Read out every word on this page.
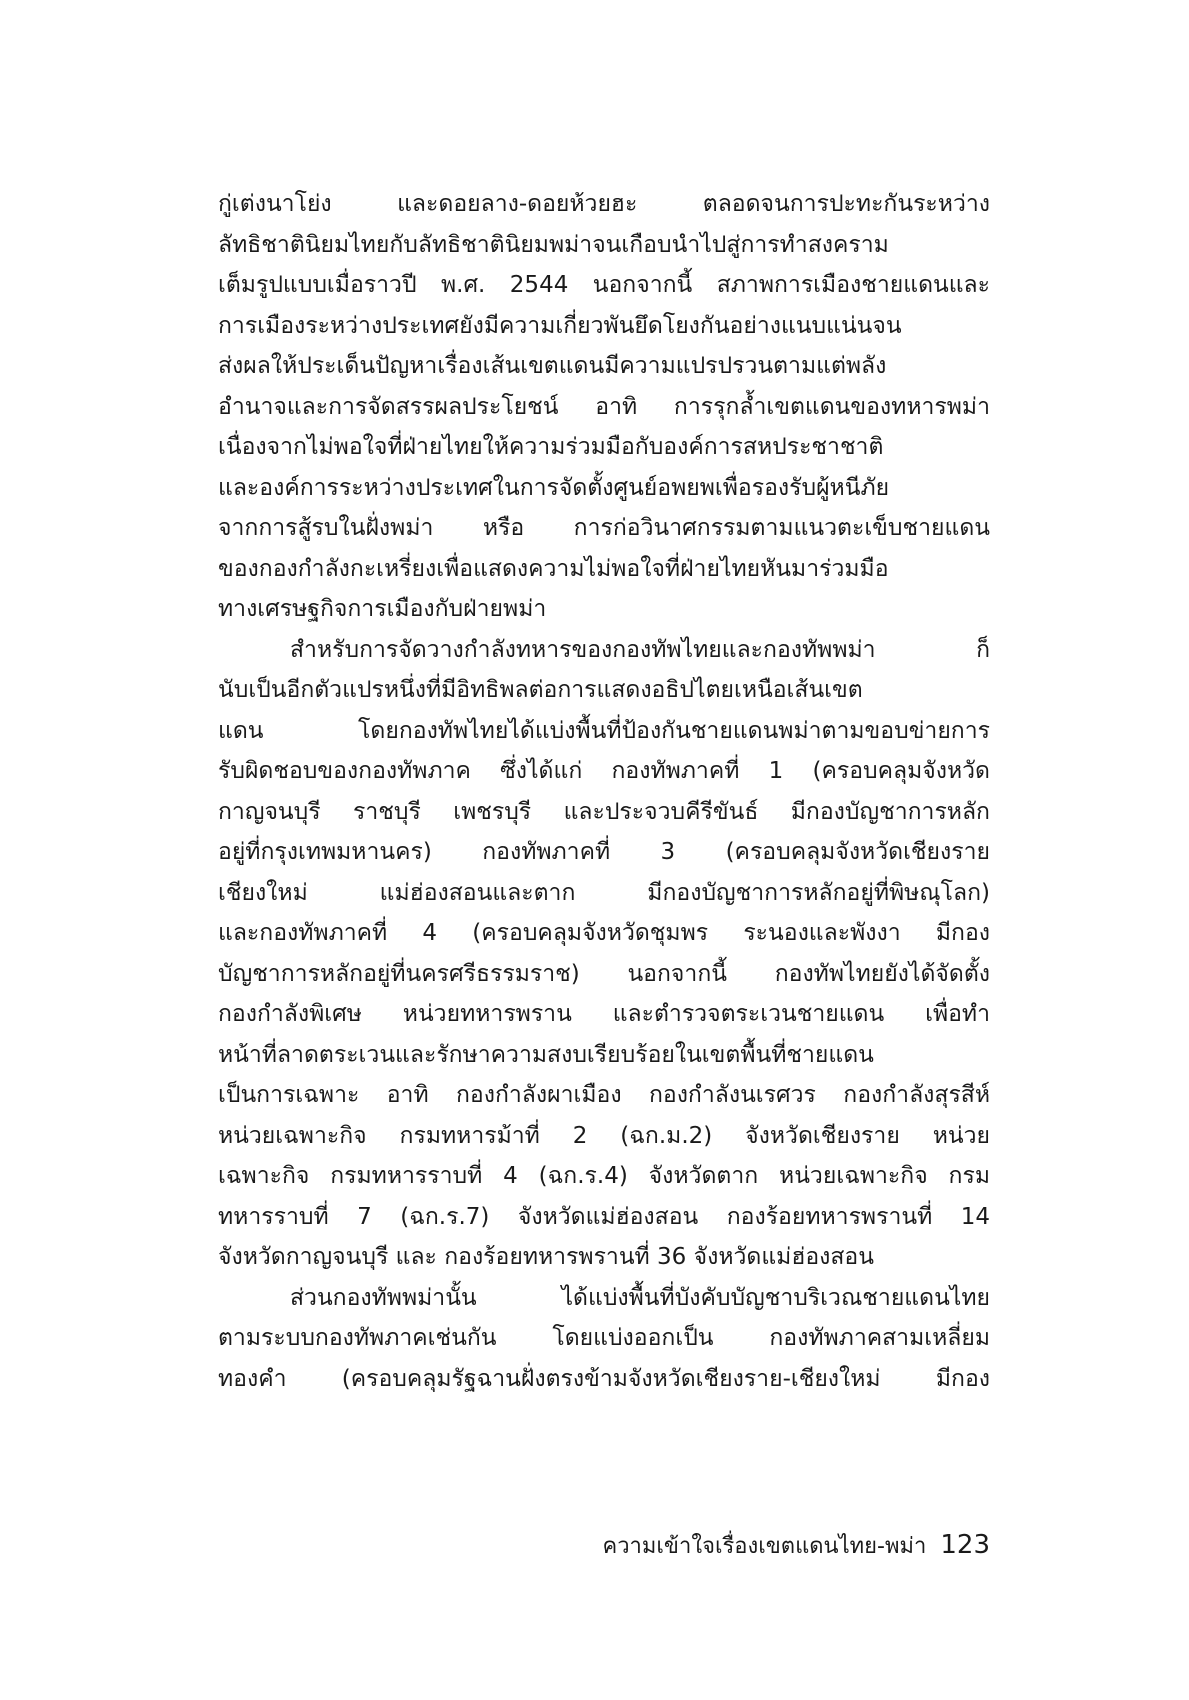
กู่เต่งนาโย่ง และดอยลาง-ดอยห้วยฮะ ตลอดจนการปะทะกันระหว่าง
ลัทธิชาตินิยมไทยกับลัทธิชาตินิยมพม่าจนเกือบนำไปสู่การทำสงคราม
เต็มรูปแบบเมื่อราวปี พ.ศ. 2544 นอกจากนี้ สภาพการเมืองชายแดนและ
การเมืองระหว่างประเทศยังมีความเกี่ยวพันยึดโยงกันอย่างแนบแน่นจน
ส่งผลให้ประเด็นปัญหาเรื่องเส้นเขตแดนมีความแปรปรวนตามแต่พลัง
อำนาจและการจัดสรรผลประโยชน์ อาทิ การรุกล้ำเขตแดนของทหารพม่า
เนื่องจากไม่พอใจที่ฝ่ายไทยให้ความร่วมมือกับองค์การสหประชาชาติ
และองค์การระหว่างประเทศในการจัดตั้งศูนย์อพยพเพื่อรองรับผู้หนีภัย
จากการสู้รบในฝั่งพม่า หรือ การก่อวินาศกรรมตามแนวตะเข็บชายแดน
ของกองกำลังกะเหรี่ยงเพื่อแสดงความไม่พอใจที่ฝ่ายไทยหันมาร่วมมือ
ทางเศรษฐกิจการเมืองกับฝ่ายพม่า
สำหรับการจัดวางกำลังทหารของกองทัพไทยและกองทัพพม่า ก็
นับเป็นอีกตัวแปรหนึ่งที่มีอิทธิพลต่อการแสดงอธิปไตยเหนือเส้นเขต
แดน โดยกองทัพไทยได้แบ่งพื้นที่ป้องกันชายแดนพม่าตามขอบข่ายการ
รับผิดชอบของกองทัพภาค ซึ่งได้แก่ กองทัพภาคที่ 1 (ครอบคลุมจังหวัด
กาญจนบุรี ราชบุรี เพชรบุรี และประจวบคีรีขันธ์ มีกองบัญชาการหลัก
อยู่ที่กรุงเทพมหานคร) กองทัพภาคที่ 3 (ครอบคลุมจังหวัดเชียงราย
เชียงใหม่ แม่ฮ่องสอนและตาก มีกองบัญชาการหลักอยู่ที่พิษณุโลก)
และกองทัพภาคที่ 4 (ครอบคลุมจังหวัดชุมพร ระนองและพังงา มีกอง
บัญชาการหลักอยู่ที่นครศรีธรรมราช) นอกจากนี้ กองทัพไทยยังได้จัดตั้ง
กองกำลังพิเศษ หน่วยทหารพราน และตำรวจตระเวนชายแดน เพื่อทำ
หน้าที่ลาดตระเวนและรักษาความสงบเรียบร้อยในเขตพื้นที่ชายแดน
เป็นการเฉพาะ อาทิ กองกำลังผาเมือง กองกำลังนเรศวร กองกำลังสุรสีห์
หน่วยเฉพาะกิจ กรมทหารม้าที่ 2 (ฉก.ม.2) จังหวัดเชียงราย หน่วย
เฉพาะกิจ กรมทหารราบที่ 4 (ฉก.ร.4) จังหวัดตาก หน่วยเฉพาะกิจ กรม
ทหารราบที่ 7 (ฉก.ร.7) จังหวัดแม่ฮ่องสอน กองร้อยทหารพรานที่ 14
จังหวัดกาญจนบุรี และ กองร้อยทหารพรานที่ 36 จังหวัดแม่ฮ่องสอน
ส่วนกองทัพพม่านั้น ได้แบ่งพื้นที่บังคับบัญชาบริเวณชายแดนไทย
ตามระบบกองทัพภาคเช่นกัน โดยแบ่งออกเป็น กองทัพภาคสามเหลี่ยม
ทองคำ (ครอบคลุมรัฐฉานฝั่งตรงข้ามจังหวัดเชียงราย-เชียงใหม่ มีกอง
ความเข้าใจเรื่องเขตแดนไทย-พม่า 123
